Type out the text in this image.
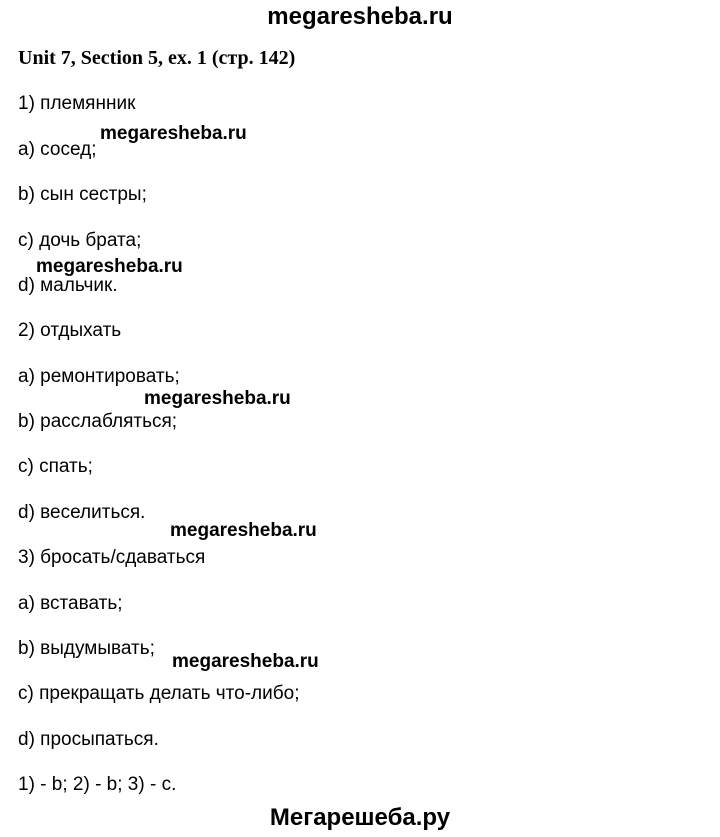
megaresheba.ru
Unit 7, Section 5, ex. 1 (стр. 142)
1) племянник
a) сосед;
b) сын сестры;
c) дочь брата;
d) мальчик.
2) отдыхать
a) ремонтировать;
b) расслабляться;
c) спать;
d) веселиться.
3) бросать/сдаваться
a) вставать;
b) выдумывать;
c) прекращать делать что-либо;
d) просыпаться.
1) - b; 2) - b; 3) - c.
megaresheba.ru
megaresheba.ru
megaresheba.ru
megaresheba.ru
megaresheba.ru
Мегарешеба.ру
